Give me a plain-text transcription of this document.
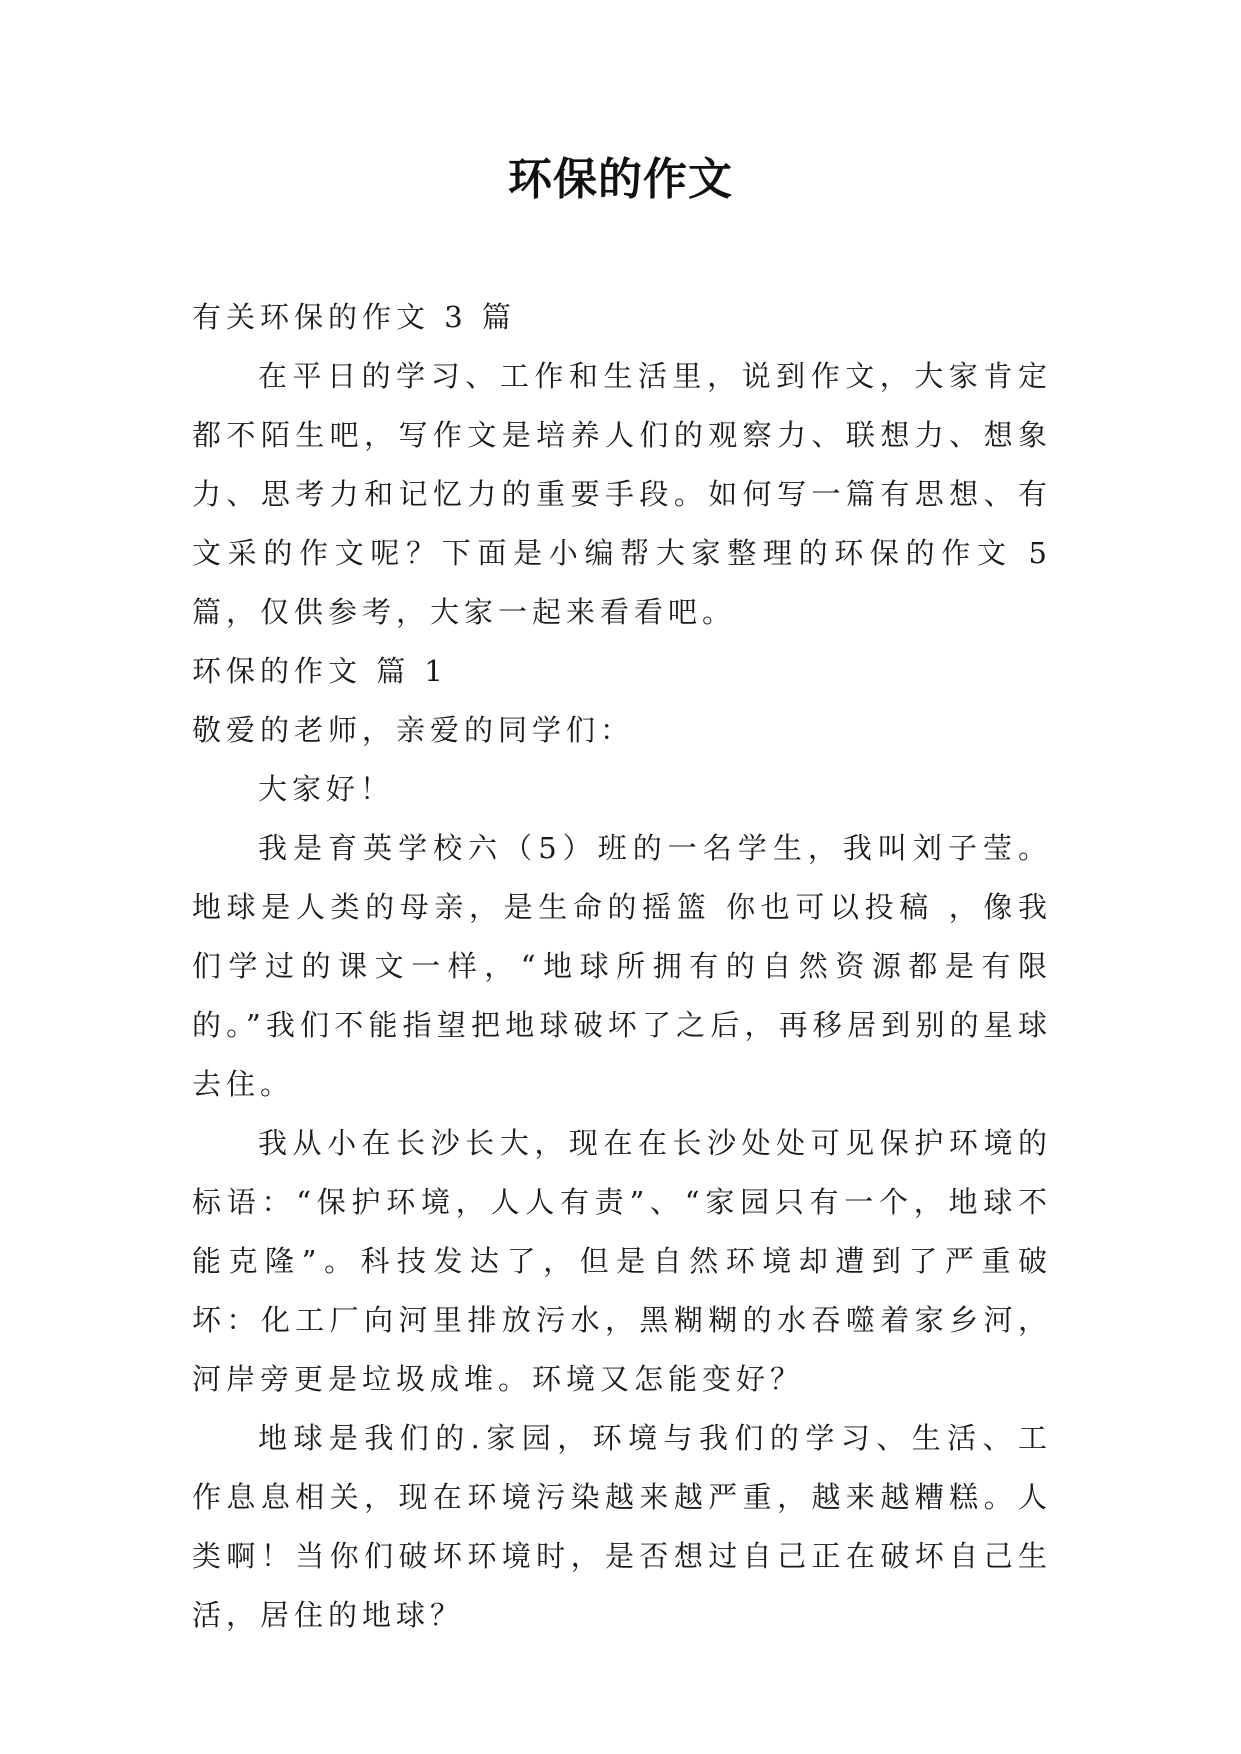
环保的作文

有关环保的作文 3 篇

在平日的学习、工作和生活里，说到作文，大家肯定都不陌生吧，写作文是培养人们的观察力、联想力、想象力、思考力和记忆力的重要手段。如何写一篇有思想、有文采的作文呢？下面是小编帮大家整理的环保的作文 5 篇，仅供参考，大家一起来看看吧。

环保的作文 篇 1

敬爱的老师，亲爱的同学们：

大家好！

我是育英学校六（5）班的一名学生，我叫刘子莹。地球是人类的母亲，是生命的摇篮 你也可以投稿 ，像我们学过的课文一样，“地球所拥有的自然资源都是有限的。”我们不能指望把地球破坏了之后，再移居到别的星球去住。

我从小在长沙长大，现在在长沙处处可见保护环境的标语：“保护环境，人人有责”、“家园只有一个，地球不能克隆”。科技发达了，但是自然环境却遭到了严重破坏：化工厂向河里排放污水，黑糊糊的水吞噬着家乡河，河岸旁更是垃圾成堆。环境又怎能变好？

地球是我们的.家园，环境与我们的学习、生活、工作息息相关，现在环境污染越来越严重，越来越糟糕。人类啊！当你们破坏环境时，是否想过自己正在破坏自己生活，居住的地球？
